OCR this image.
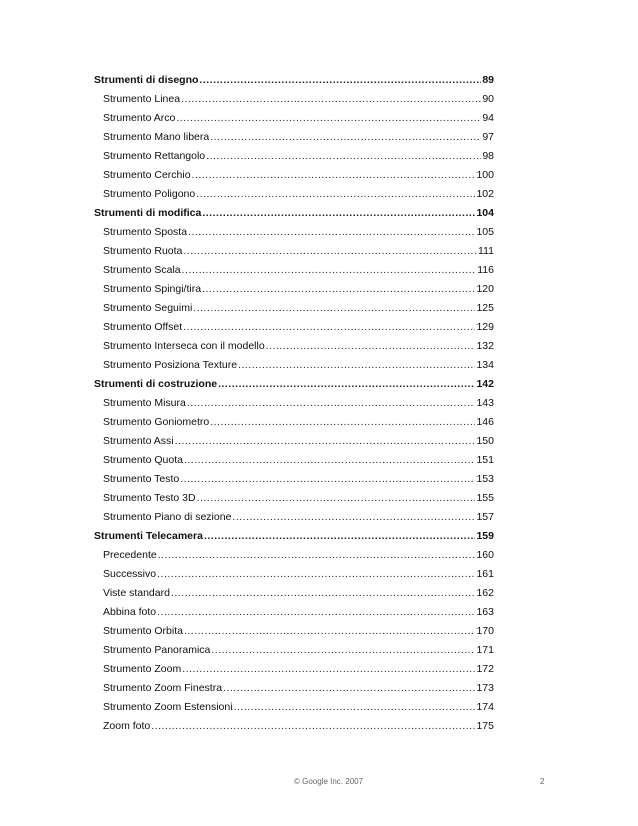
Strumenti di disegno .....	89
Strumento Linea .....	90
Strumento Arco .....	94
Strumento Mano libera .....	97
Strumento Rettangolo .....	98
Strumento Cerchio .....	100
Strumento Poligono .....	102
Strumenti di modifica .....	104
Strumento Sposta .....	105
Strumento Ruota .....	111
Strumento Scala .....	116
Strumento Spingi/tira .....	120
Strumento Seguimi .....	125
Strumento Offset .....	129
Strumento Interseca con il modello .....	132
Strumento Posiziona Texture .....	134
Strumenti di costruzione .....	142
Strumento Misura .....	143
Strumento Goniometro .....	146
Strumento Assi .....	150
Strumento Quota .....	151
Strumento Testo .....	153
Strumento Testo 3D .....	155
Strumento Piano di sezione .....	157
Strumenti Telecamera .....	159
Precedente .....	160
Successivo .....	161
Viste standard .....	162
Abbina foto .....	163
Strumento Orbita .....	170
Strumento Panoramica .....	171
Strumento Zoom .....	172
Strumento Zoom Finestra .....	173
Strumento Zoom Estensioni .....	174
Zoom foto .....	175
© Google Inc. 2007	2
